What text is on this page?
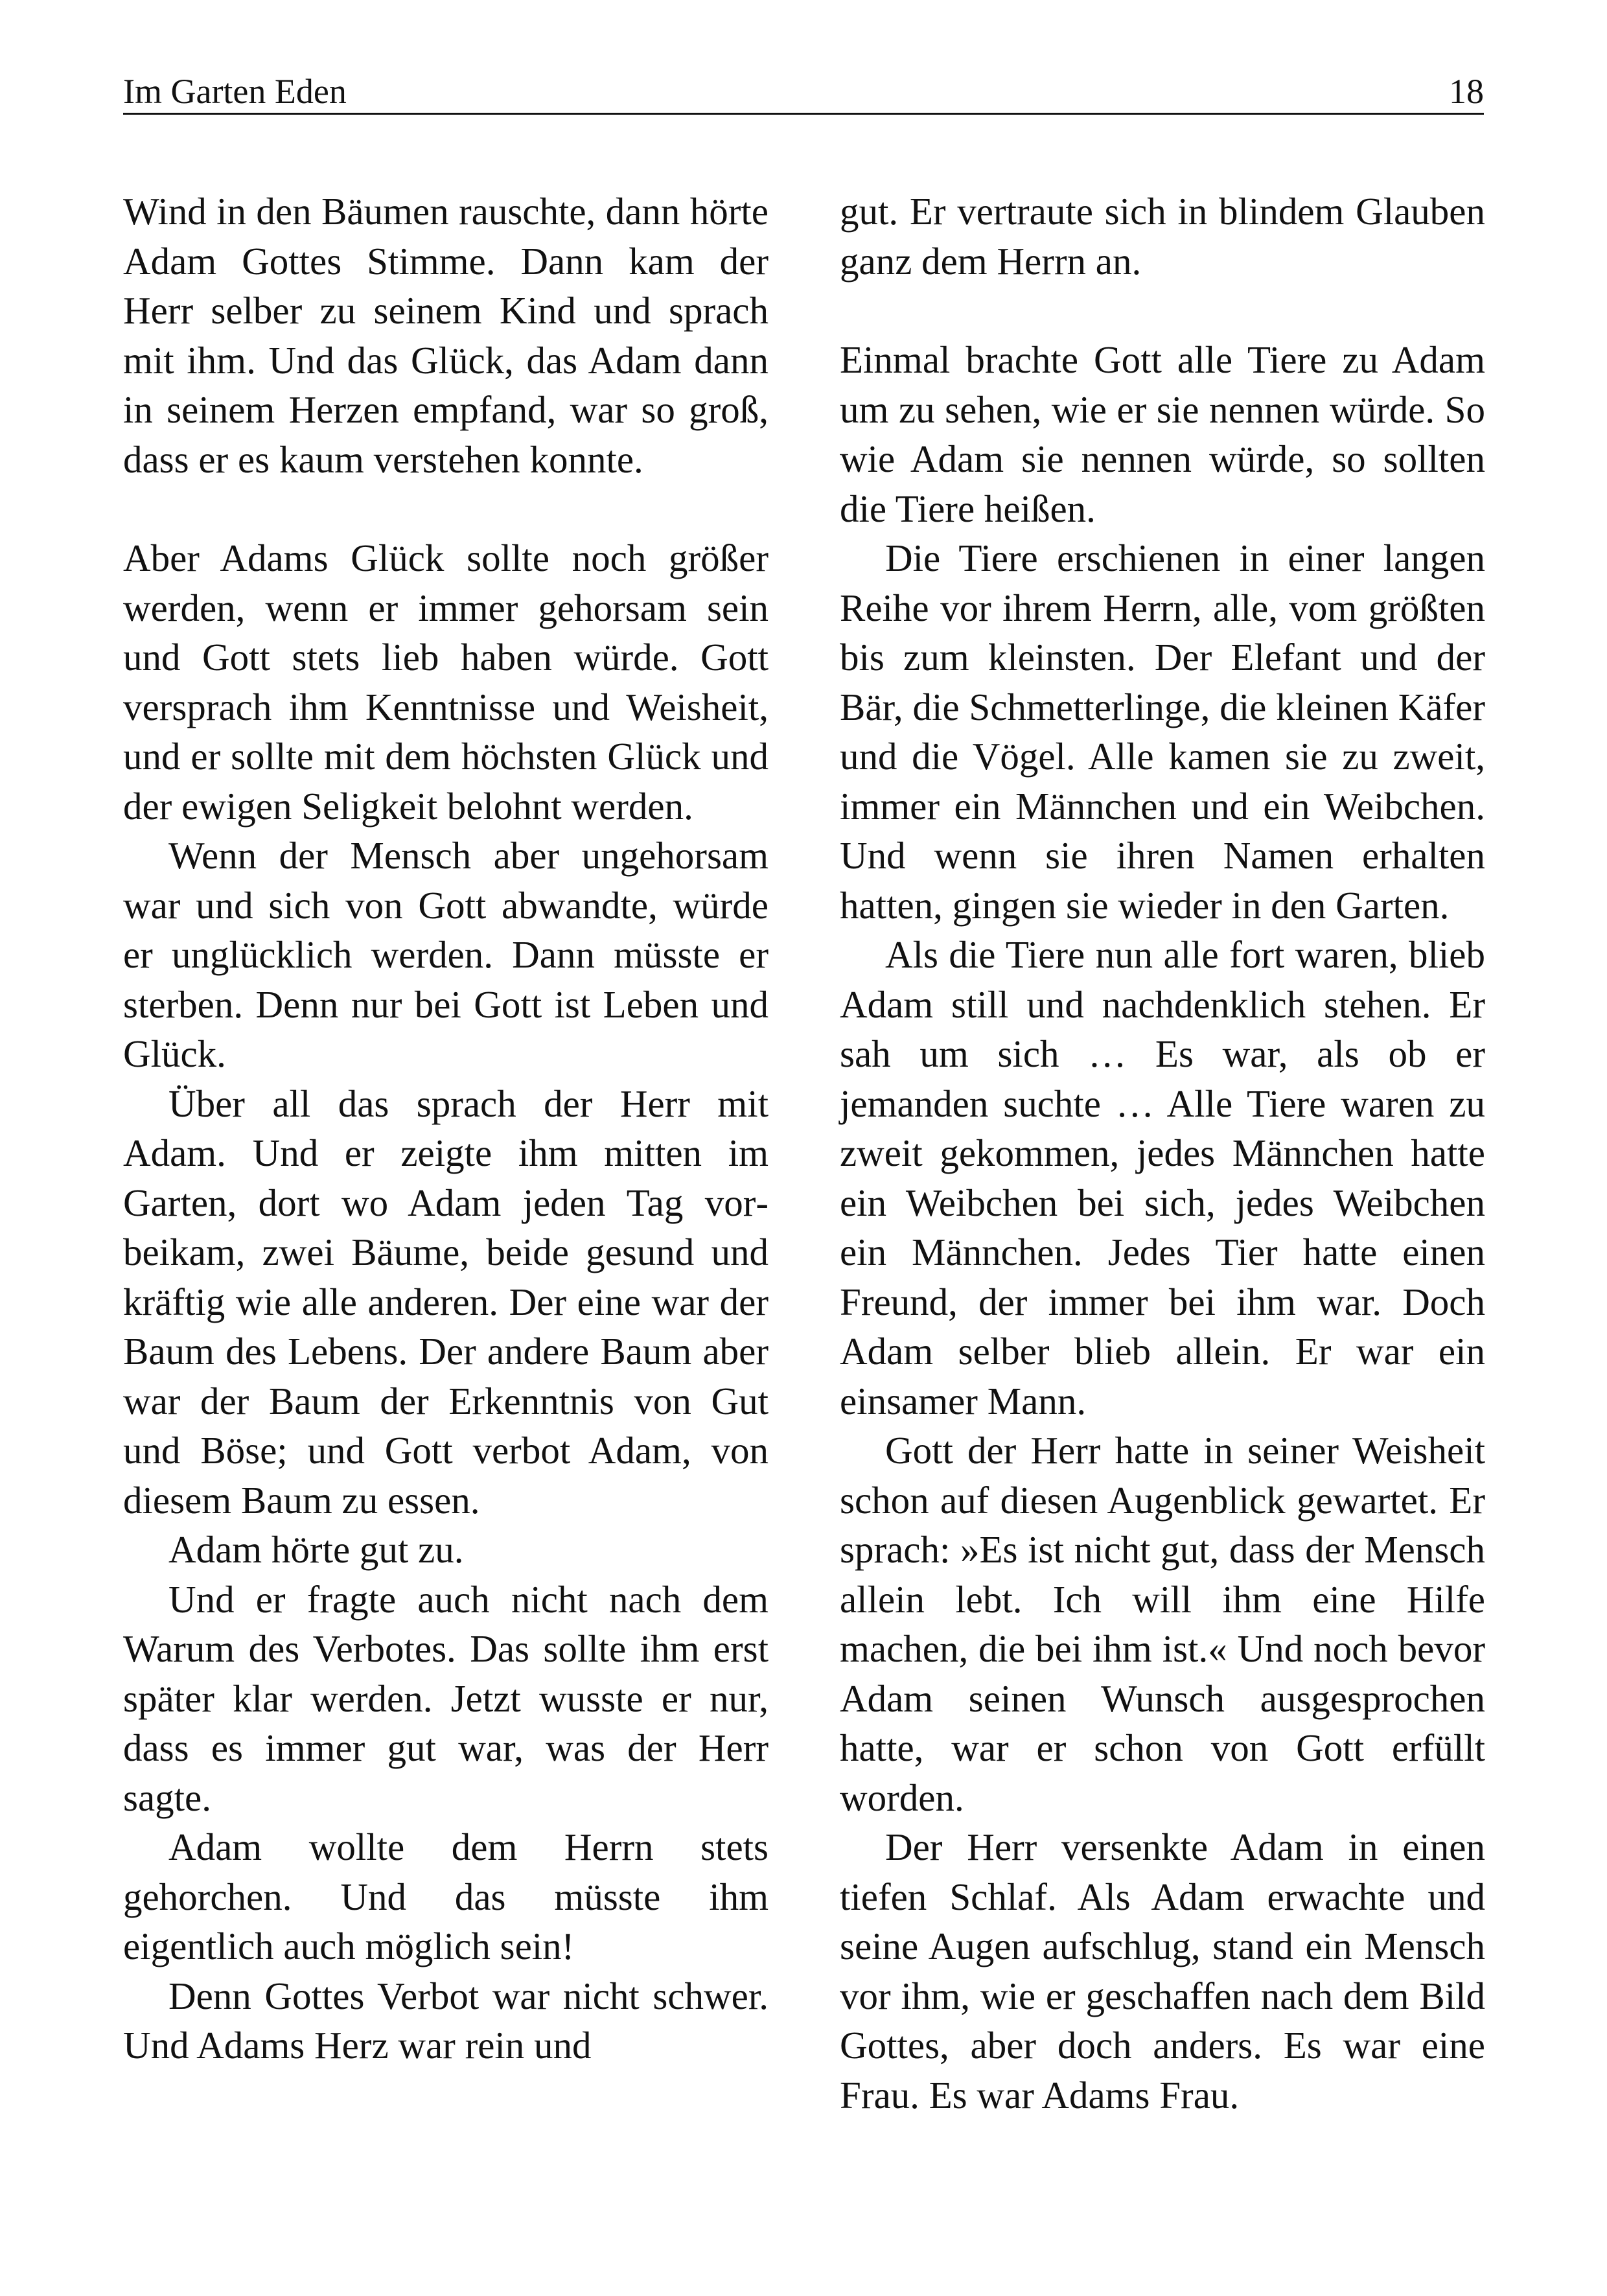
Im Garten Eden	18

Wind in den Bäumen rauschte, dann hörte Adam Gottes Stimme. Dann kam der Herr selber zu seinem Kind und sprach mit ihm. Und das Glück, das Adam dann in seinem Herzen empfand, war so groß, dass er es kaum verstehen konnte.

Aber Adams Glück sollte noch größer werden, wenn er immer gehorsam sein und Gott stets lieb haben würde. Gott versprach ihm Kenntnisse und Weisheit, und er sollte mit dem höchsten Glück und der ewigen Seligkeit belohnt werden.

Wenn der Mensch aber ungehorsam war und sich von Gott abwandte, würde er unglücklich werden. Dann müsste er sterben. Denn nur bei Gott ist Leben und Glück.

Über all das sprach der Herr mit Adam. Und er zeigte ihm mitten im Garten, dort wo Adam jeden Tag vorbeikam, zwei Bäume, beide gesund und kräftig wie alle anderen. Der eine war der Baum des Lebens. Der andere Baum aber war der Baum der Erkenntnis von Gut und Böse; und Gott verbot Adam, von diesem Baum zu essen.

Adam hörte gut zu.

Und er fragte auch nicht nach dem Warum des Verbotes. Das sollte ihm erst später klar werden. Jetzt wusste er nur, dass es immer gut war, was der Herr sagte.

Adam wollte dem Herrn stets gehorchen. Und das müsste ihm eigentlich auch möglich sein!

Denn Gottes Verbot war nicht schwer. Und Adams Herz war rein und

gut. Er vertraute sich in blindem Glauben ganz dem Herrn an.

Einmal brachte Gott alle Tiere zu Adam um zu sehen, wie er sie nennen würde. So wie Adam sie nennen würde, so sollten die Tiere heißen.

Die Tiere erschienen in einer langen Reihe vor ihrem Herrn, alle, vom größten bis zum kleinsten. Der Elefant und der Bär, die Schmetterlinge, die kleinen Käfer und die Vögel. Alle kamen sie zu zweit, immer ein Männchen und ein Weibchen. Und wenn sie ihren Namen erhalten hatten, gingen sie wieder in den Garten.

Als die Tiere nun alle fort waren, blieb Adam still und nachdenklich stehen. Er sah um sich … Es war, als ob er jemanden suchte … Alle Tiere waren zu zweit gekommen, jedes Männchen hatte ein Weibchen bei sich, jedes Weibchen ein Männchen. Jedes Tier hatte einen Freund, der immer bei ihm war. Doch Adam selber blieb allein. Er war ein einsamer Mann.

Gott der Herr hatte in seiner Weisheit schon auf diesen Augenblick gewartet. Er sprach: »Es ist nicht gut, dass der Mensch allein lebt. Ich will ihm eine Hilfe machen, die bei ihm ist.« Und noch bevor Adam seinen Wunsch ausgesprochen hatte, war er schon von Gott erfüllt worden.

Der Herr versenkte Adam in einen tiefen Schlaf. Als Adam erwachte und seine Augen aufschlug, stand ein Mensch vor ihm, wie er geschaffen nach dem Bild Gottes, aber doch anders. Es war eine Frau. Es war Adams Frau.
